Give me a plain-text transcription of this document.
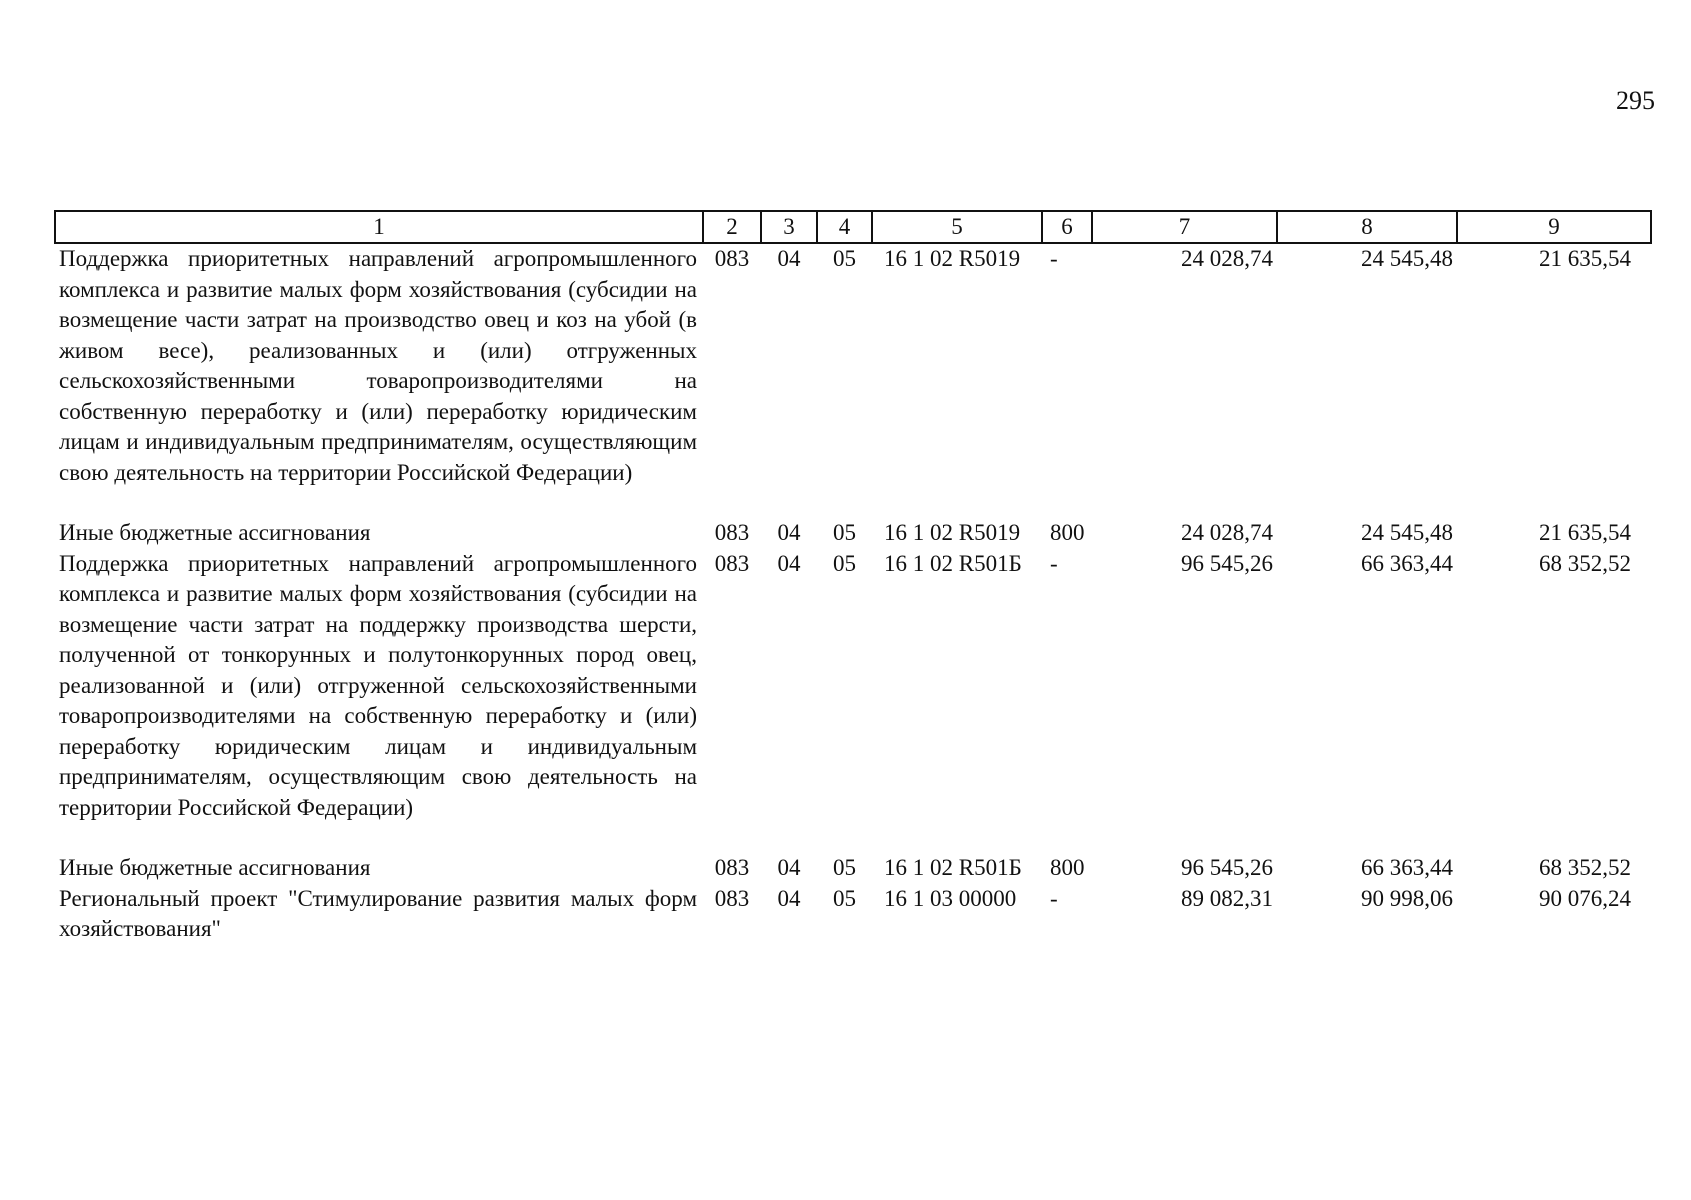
295
1	2	3	4	5	6	7	8	9
Поддержка приоритетных направлений агропромышленного комплекса и развитие малых форм хозяйствования (субсидии на возмещение части затрат на производство овец и коз на убой (в живом весе), реализованных и (или) отгруженных сельскохозяйственными товаропроизводителями на собственную переработку и (или) переработку юридическим лицам и индивидуальным предпринимателям, осуществляющим свою деятельность на территории Российской Федерации)	083	04	05	16 1 02 R5019	-	24 028,74	24 545,48	21 635,54
Иные бюджетные ассигнования	083	04	05	16 1 02 R5019	800	24 028,74	24 545,48	21 635,54
Поддержка приоритетных направлений агропромышленного комплекса и развитие малых форм хозяйствования (субсидии на возмещение части затрат на поддержку производства шерсти, полученной от тонкорунных и полутонкорунных пород овец, реализованной и (или) отгруженной сельскохозяйственными товаропроизводителями на собственную переработку и (или) переработку юридическим лицам и индивидуальным предпринимателям, осуществляющим свою деятельность на территории Российской Федерации)	083	04	05	16 1 02 R501Б	-	96 545,26	66 363,44	68 352,52
Иные бюджетные ассигнования	083	04	05	16 1 02 R501Б	800	96 545,26	66 363,44	68 352,52
Региональный проект "Стимулирование развития малых форм хозяйствования"	083	04	05	16 1 03 00000	-	89 082,31	90 998,06	90 076,24
